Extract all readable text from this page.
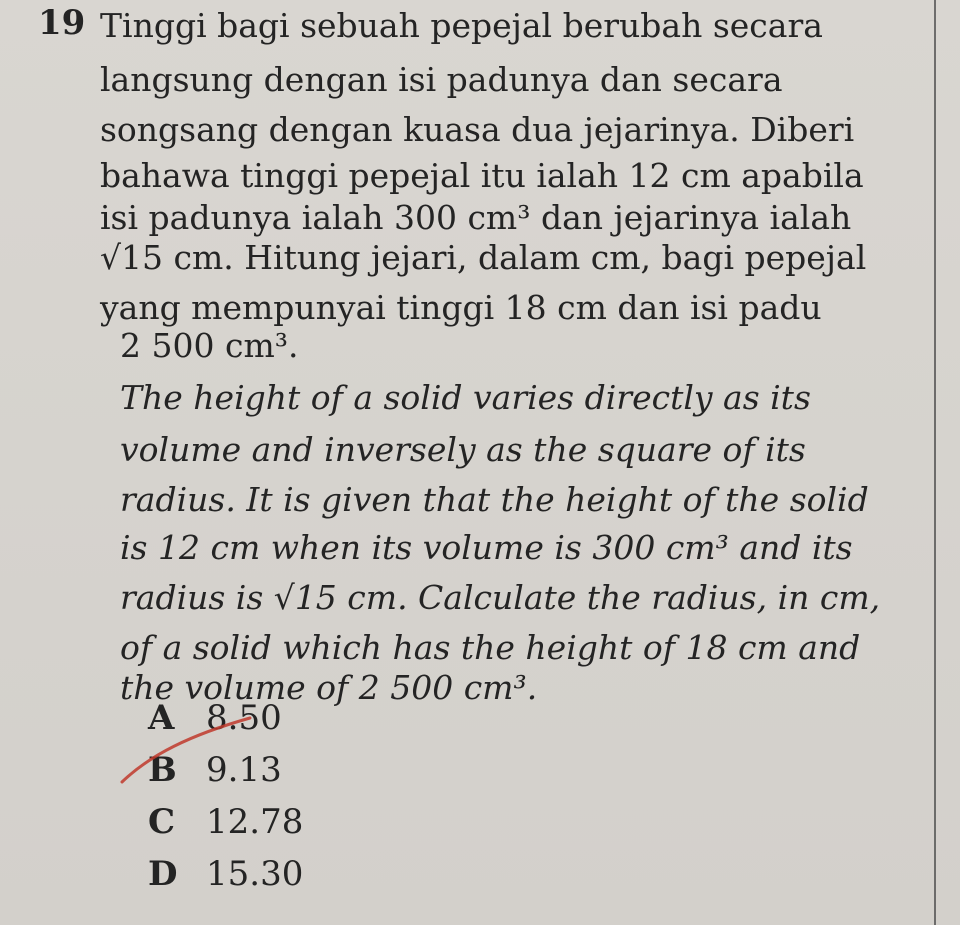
19 Tinggi bagi sebuah pepejal berubah secara
langsung dengan isi padunya dan secara
songsang dengan kuasa dua jejarinya. Diberi
bahawa tinggi pepejal itu ialah 12 cm apabila
isi padunya ialah 300 cm³ dan jejarinya ialah
√15 cm. Hitung jejari, dalam cm, bagi pepejal
yang mempunyai tinggi 18 cm dan isi padu
2 500 cm³.
The height of a solid varies directly as its
volume and inversely as the square of its
radius. It is given that the height of the solid
is 12 cm when its volume is 300 cm³ and its
radius is √15 cm. Calculate the radius, in cm,
of a solid which has the height of 18 cm and
the volume of 2 500 cm³.
A 8.50
B 9.13
C 12.78
D 15.30
